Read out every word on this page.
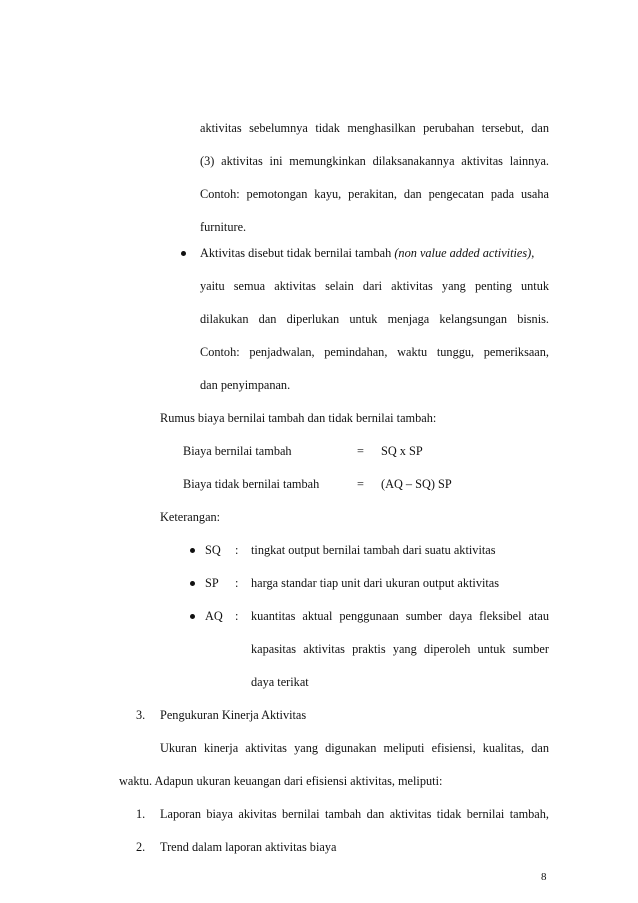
aktivitas sebelumnya tidak menghasilkan perubahan tersebut, dan
(3) aktivitas ini memungkinkan dilaksanakannya aktivitas lainnya.
Contoh: pemotongan kayu, perakitan, dan pengecatan pada usaha
furniture.
Aktivitas disebut tidak bernilai tambah (non value added activities),
yaitu semua aktivitas selain dari aktivitas yang penting untuk
dilakukan dan diperlukan untuk menjaga kelangsungan bisnis.
Contoh: penjadwalan, pemindahan, waktu tunggu, pemeriksaan,
dan penyimpanan.
Rumus biaya bernilai tambah dan tidak bernilai tambah:
Biaya bernilai tambah	= SQ x SP
Biaya tidak bernilai tambah	= (AQ – SQ) SP
Keterangan:
SQ : tingkat output bernilai tambah dari suatu aktivitas
SP : harga standar tiap unit dari ukuran output aktivitas
AQ : kuantitas aktual penggunaan sumber daya fleksibel atau
kapasitas aktivitas praktis yang diperoleh untuk sumber
daya terikat
3. Pengukuran Kinerja Aktivitas
Ukuran kinerja aktivitas yang digunakan meliputi efisiensi, kualitas, dan
waktu. Adapun ukuran keuangan dari efisiensi aktivitas, meliputi:
1. Laporan biaya akivitas bernilai tambah dan aktivitas tidak bernilai tambah,
2. Trend dalam laporan aktivitas biaya
8
